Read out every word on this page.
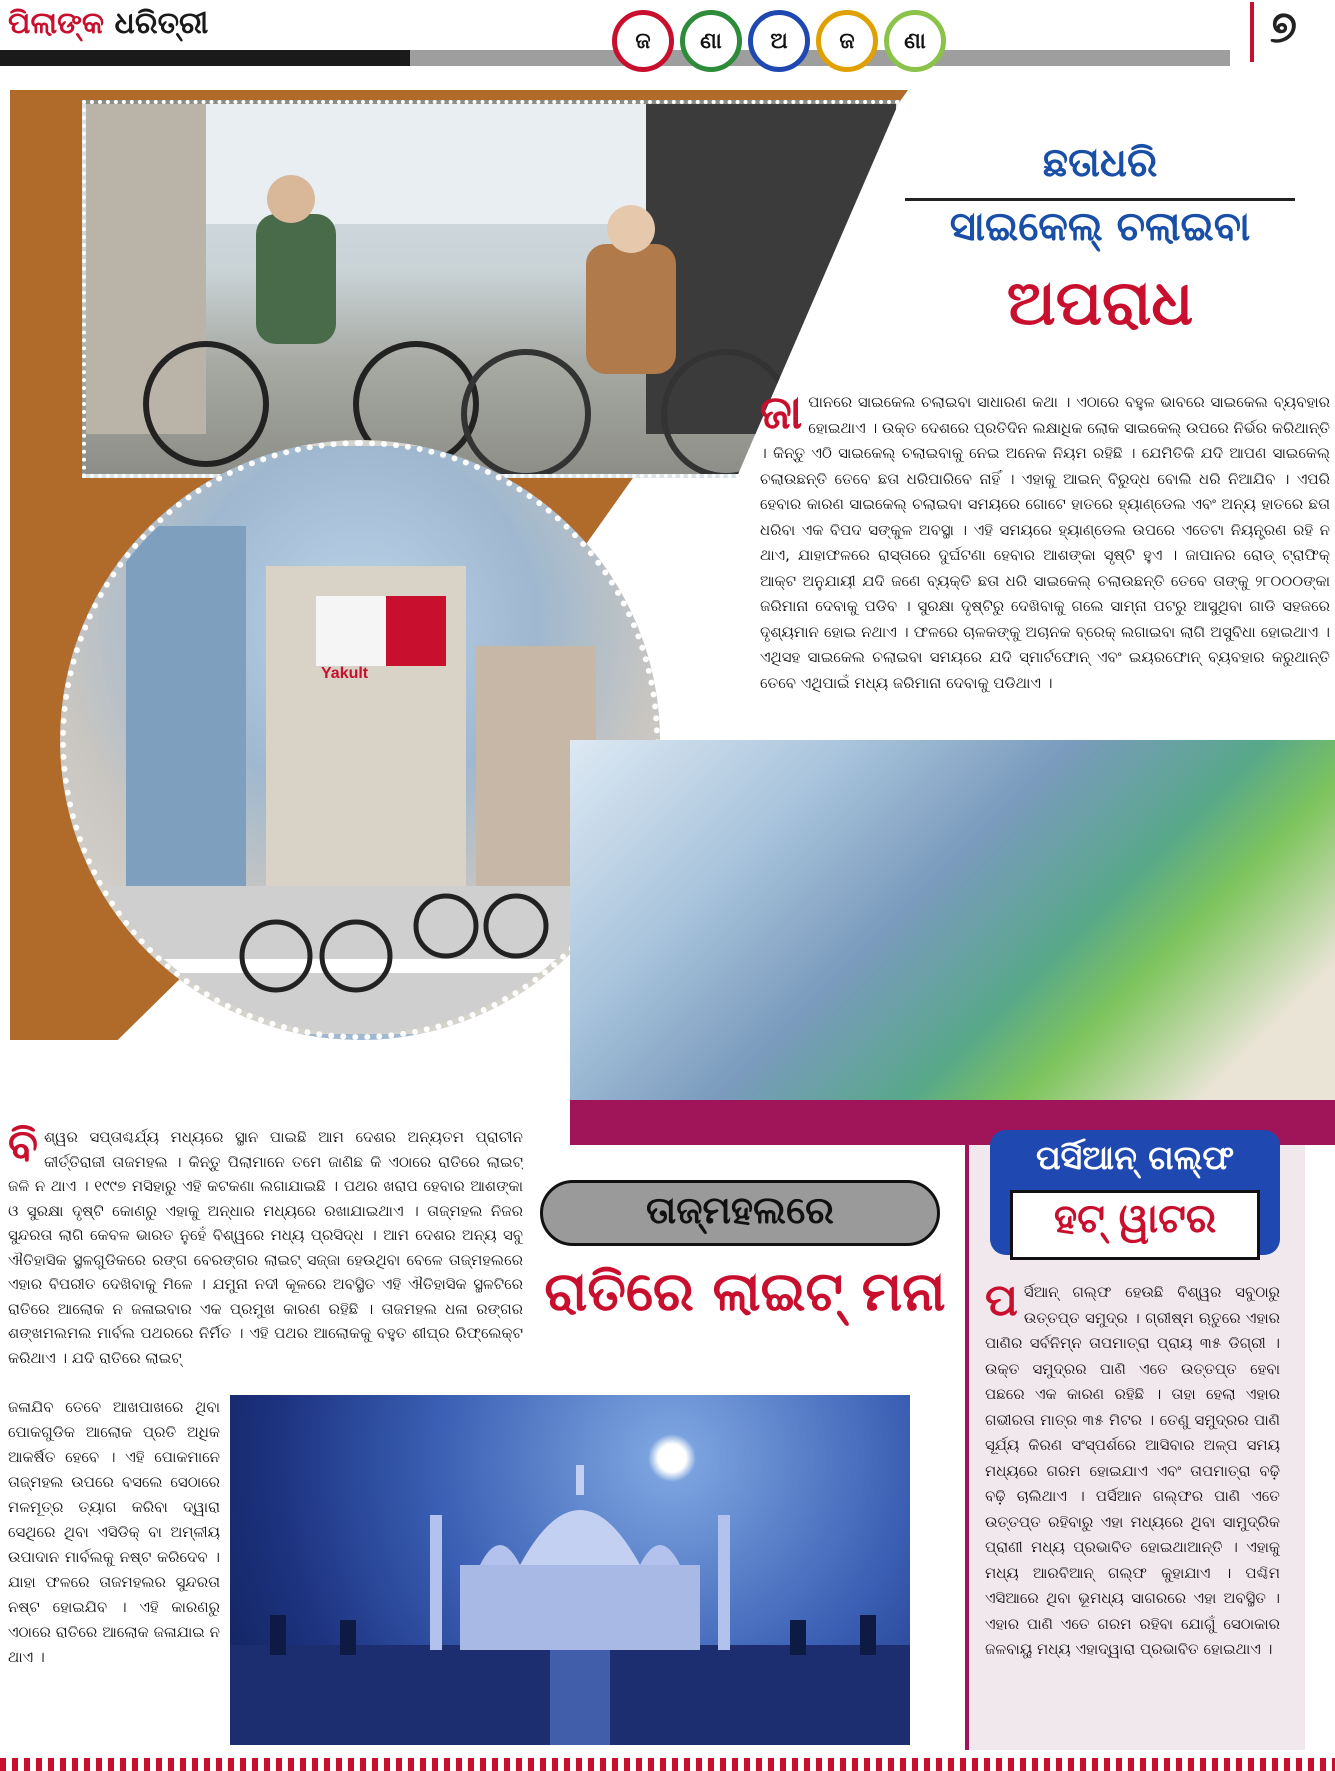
ପିଲାଙ୍କ ଧରିତ୍ରୀ	ଜ	ଣା	ଅ	ଜ	ଣା	୭
Yakult
ଛତାଧରି
ସାଇକେଲ୍ ଚଲାଇବା
ଅପରାଧ
ଜା ପାନରେ ସାଇକେଲ ଚଲାଇବା ସାଧାରଣ କଥା । ଏଠାରେ ବହୁଳ ଭାବରେ ସାଇକେଲ ବ୍ୟବହାର ହୋଇଥାଏ । ଉକ୍ତ ଦେଶରେ ପ୍ରତିଦିନ ଲକ୍ଷାଧିକ ଲୋକ ସାଇକେଲ୍ ଉପରେ ନିର୍ଭର କରିଥାନ୍ତି । କିନ୍ତୁ ଏଠି ସାଇକେଲ୍ ଚଲାଇବାକୁ ନେଇ ଅନେକ ନିୟମ ରହିଛି । ଯେମିତିକି ଯଦି ଆପଣ ସାଇକେଲ୍ ଚଲାଉଛନ୍ତି ତେବେ ଛତା ଧରିପାରିବେ ନାହିଁ । ଏହାକୁ ଆଇନ୍ ବିରୁଦ୍ଧ ବୋଲି ଧରି ନିଆଯିବ । ଏପରି ହେବାର କାରଣ ସାଇକେଲ୍ ଚଲାଇବା ସମୟରେ ଗୋଟେ ହାତରେ ହ୍ୟାଣ୍ଡେଲ ଏବଂ ଅନ୍ୟ ହାତରେ ଛତା ଧରିବା ଏକ ବିପଦ ସଙ୍କୁଳ ଅବସ୍ଥା । ଏହି ସମୟରେ ହ୍ୟାଣ୍ଡେଲ ଉପରେ ଏତେଟା ନିୟନ୍ତ୍ରଣ ରହି ନ ଥାଏ, ଯାହାଫଳରେ ରାସ୍ତାରେ ଦୁର୍ଘଟଣା ହେବାର ଆଶଙ୍କା ସୃଷ୍ଟି ହୁଏ । ଜାପାନର ରୋଡ୍ ଟ୍ରାଫିକ୍ ଆକ୍ଟ ଅନୁଯାୟୀ ଯଦି ଜଣେ ବ୍ୟକ୍ତି ଛତା ଧରି ସାଇକେଲ୍ ଚଲାଉଛନ୍ତି ତେବେ ତାଙ୍କୁ ୨୮୦୦୦ଙ୍କା ଜରିମାନା ଦେବାକୁ ପଡିବ । ସୁରକ୍ଷା ଦୃଷ୍ଟିରୁ ଦେଖିବାକୁ ଗଲେ ସାମ୍ନା ପଟରୁ ଆସୁଥିବା ଗାଡି ସହଜରେ ଦୃଶ୍ୟମାନ ହୋଇ ନଥାଏ । ଫଳରେ ଚାଳକଙ୍କୁ ଅଚାନକ ବ୍ରେକ୍ ଲଗାଇବା ଲାଗି ଅସୁବିଧା ହୋଇଥାଏ । ଏଥିସହ ସାଇକେଲ ଚଲାଇବା ସମୟରେ ଯଦି ସ୍ମାର୍ଟଫୋନ୍ ଏବଂ ଇୟରଫୋନ୍ ବ୍ୟବହାର କରୁଥାନ୍ତି ତେବେ ଏଥିପାଇଁ ମଧ୍ୟ ଜରିମାନା ଦେବାକୁ ପଡିଥାଏ ।
ବି ଶ୍ୱର ସପ୍ତାଶ୍ଚର୍ଯ୍ୟ ମଧ୍ୟରେ ସ୍ଥାନ ପାଇଛି ଆମ ଦେଶର ଅନ୍ୟତମ ପ୍ରାଚୀନ କୀର୍ତ୍ତିରାଜୀ ତାଜମହଲ । କିନ୍ତୁ ପିଲାମାନେ ତମେ ଜାଣିଛ କି ଏଠାରେ ରାତିରେ ଲାଇଟ୍ ଜଳି ନ ଥାଏ । ୧୯୯୭ ମସିହାରୁ ଏହି କଟକଣା ଲଗାଯାଇଛି । ପଥର ଖରାପ ହେବାର ଆଶଙ୍କା ଓ ସୁରକ୍ଷା ଦୃଷ୍ଟି କୋଣରୁ ଏହାକୁ ଅନ୍ଧାର ମଧ୍ୟରେ ରଖାଯାଇଥାଏ । ତାଜ୍‌ମହଲ ନିଜର ସୁନ୍ଦରତା ଲାଗି କେବଳ ଭାରତ ନୁହେଁ ବିଶ୍ୱରେ ମଧ୍ୟ ପ୍ରସିଦ୍ଧ । ଆମ ଦେଶର ଅନ୍ୟ ସବୁ ଐତିହାସିକ ସ୍ଥଳଗୁଡିକରେ ରଙ୍ଗ ବେରଙ୍ଗର ଲାଇଟ୍ ସଜ୍ଜା ହେଉଥିବା ବେଳେ ତାଜ୍‌ମହଲରେ ଏହାର ବିପରୀତ ଦେଖିବାକୁ ମିଳେ । ଯମୁନା ନଦୀ କୂଳରେ ଅବସ୍ଥିତ ଏହି ଐତିହାସିକ ସ୍ଥଳଟିରେ ରାତିରେ ଆଲୋକ ନ ଜଳାଇବାର ଏକ ପ୍ରମୁଖ କାରଣ ରହିଛି । ତାଜମହଲ ଧଳା ରଙ୍ଗର ଶଙ୍ଖମଲମଲ ମାର୍ବଲ ପଥରରେ ନିର୍ମିତ । ଏହି ପଥର ଆଲୋକକୁ ବହୁତ ଶୀଘ୍ର ରିଫ୍ଲେକ୍ଟ କରିଥାଏ । ଯଦି ରାତିରେ ଲାଇଟ୍
ତାଜ୍‌ମହଲରେ
ରାତିରେ ଲାଇଟ୍ ମନା
ଜଳାଯିବ ତେବେ ଆଖପାଖରେ ଥିବା ପୋକଗୁଡିକ ଆଲୋକ ପ୍ରତି ଅଧିକ ଆକର୍ଷିତ ହେବେ । ଏହି ପୋକମାନେ ତାଜ୍‌ମହଲ ଉପରେ ବସଲେ ସେଠାରେ ମଳମୂତ୍ର ତ୍ୟାଗ କରିବା ଦ୍ୱାରା ସେଥିରେ ଥିବା ଏସିଡିକ୍ ବା ଅମ୍ଳୀୟ ଉପାଦାନ ମାର୍ବଲକୁ ନଷ୍ଟ କରିଦେବ । ଯାହା ଫଳରେ ତାଜମହଲର ସୁନ୍ଦରତା ନଷ୍ଟ ହୋଇଯିବ । ଏହି କାରଣରୁ ଏଠାରେ ରାତିରେ ଆଲୋକ ଜଳାଯାଇ ନ ଥାଏ ।
ପର୍ସିଆନ୍ ଗଲ୍ଫ
ହଟ୍ ୱାଟର
ପ ର୍ସିଆନ୍ ଗଲ୍ଫ ହେଉଛି ବିଶ୍ୱର ସବୁଠାରୁ ଉତ୍ତପ୍ତ ସମୁଦ୍ର । ଗ୍ରୀଷ୍ମ ଋତୁରେ ଏହାର ପାଣିର ସର୍ବନିମ୍ନ ତାପମାତ୍ରା ପ୍ରାୟ ୩୫ ଡିଗ୍ରୀ । ଉକ୍ତ ସମୁଦ୍ରର ପାଣି ଏତେ ଉତ୍ତପ୍ତ ହେବା ପଛରେ ଏକ କାରଣ ରହିଛି । ତାହା ହେଲା ଏହାର ଗଭୀରତା ମାତ୍ର ୩୫ ମିଟର । ତେଣୁ ସମୁଦ୍ରର ପାଣି ସୂର୍ଯ୍ୟ କିରଣ ସଂସ୍ପର୍ଶରେ ଆସିବାର ଅଳ୍ପ ସମୟ ମଧ୍ୟରେ ଗରମ ହୋଇଯାଏ ଏବଂ ତାପମାତ୍ରା ବଢ଼ି ବଢ଼ି ଚାଲିଥାଏ । ପର୍ସିଆନ ଗଲ୍ଫର ପାଣି ଏତେ ଉତ୍ତପ୍ତ ରହିବାରୁ ଏହା ମଧ୍ୟରେ ଥିବା ସାମୁଦ୍ରିକ ପ୍ରାଣୀ ମଧ୍ୟ ପ୍ରଭାବିତ ହୋଇଥାଆନ୍ତି । ଏହାକୁ ମଧ୍ୟ ଆରବିଆନ୍ ଗଲ୍ଫ କୁହାଯାଏ । ପଶ୍ଚିମ ଏସିଆରେ ଥିବା ଭୂମଧ୍ୟ ସାଗରରେ ଏହା ଅବସ୍ଥିତ । ଏହାର ପାଣି ଏତେ ଗରମ ରହିବା ଯୋଗୁଁ ସେଠାକାର ଜଳବାୟୁ ମଧ୍ୟ ଏହାଦ୍ୱାରା ପ୍ରଭାବିତ ହୋଇଥାଏ ।
